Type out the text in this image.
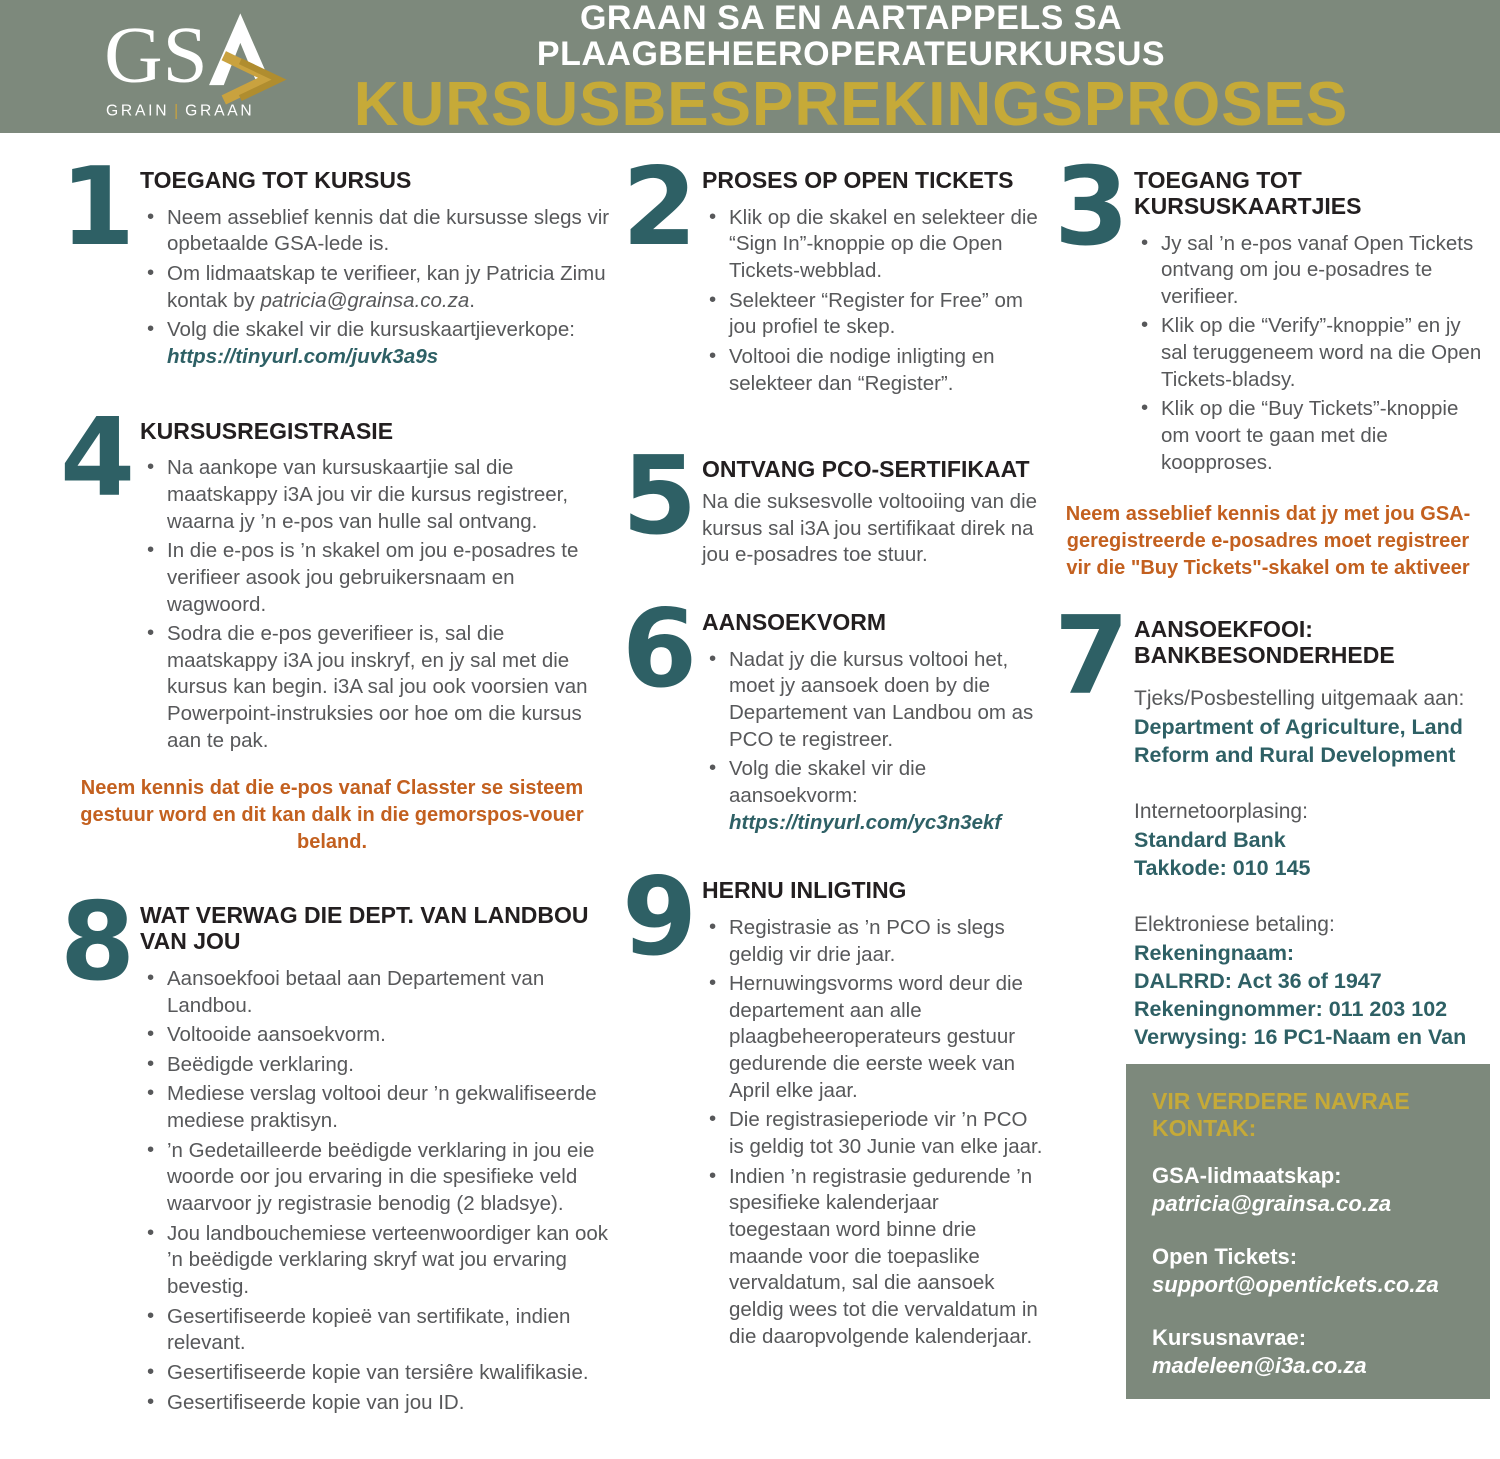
GS
GRAIN | GRAAN
GRAAN SA EN AARTAPPELS SA PLAAGBEHEEROPERATEURKURSUS
KURSUSBESPREKINGSPROSES
1 TOEGANG TOT KURSUS
• Neem asseblief kennis dat die kursusse slegs vir opbetaalde GSA-lede is.
• Om lidmaatskap te verifieer, kan jy Patricia Zimu kontak by patricia@grainsa.co.za.
• Volg die skakel vir die kursuskaartjieverkope:
https://tinyurl.com/juvk3a9s
4 KURSUSREGISTRASIE
• Na aankope van kursuskaartjie sal die maatskappy i3A jou vir die kursus registreer, waarna jy ’n e-pos van hulle sal ontvang.
• In die e-pos is ’n skakel om jou e-posadres te verifieer asook jou gebruikersnaam en wagwoord.
• Sodra die e-pos geverifieer is, sal die maatskappy i3A jou inskryf, en jy sal met die kursus kan begin. i3A sal jou ook voorsien van Powerpoint-instruksies oor hoe om die kursus aan te pak.
Neem kennis dat die e-pos vanaf Classter se sisteem gestuur word en dit kan dalk in die gemorspos-vouer beland.
8 WAT VERWAG DIE DEPT. VAN LANDBOU VAN JOU
• Aansoekfooi betaal aan Departement van Landbou.
• Voltooide aansoekvorm.
• Beëdigde verklaring.
• Mediese verslag voltooi deur ’n gekwalifiseerde mediese praktisyn.
• ’n Gedetailleerde beëdigde verklaring in jou eie woorde oor jou ervaring in die spesifieke veld waarvoor jy registrasie benodig (2 bladsye).
• Jou landbouchemiese verteenwoordiger kan ook ’n beëdigde verklaring skryf wat jou ervaring bevestig.
• Gesertifiseerde kopieë van sertifikate, indien relevant.
• Gesertifiseerde kopie van tersiêre kwalifikasie.
• Gesertifiseerde kopie van jou ID.
2 PROSES OP OPEN TICKETS
• Klik op die skakel en selekteer die “Sign In”-knoppie op die Open Tickets-webblad.
• Selekteer “Register for Free” om jou profiel te skep.
• Voltooi die nodige inligting en selekteer dan “Register”.
5 ONTVANG PCO-SERTIFIKAAT
Na die suksesvolle voltooiing van die kursus sal i3A jou sertifikaat direk na jou e-posadres toe stuur.
6 AANSOEKVORM
• Nadat jy die kursus voltooi het, moet jy aansoek doen by die Departement van Landbou om as PCO te registreer.
• Volg die skakel vir die aansoekvorm:
https://tinyurl.com/yc3n3ekf
9 HERNU INLIGTING
• Registrasie as ’n PCO is slegs geldig vir drie jaar.
• Hernuwingsvorms word deur die departement aan alle plaagbeheeroperateurs gestuur gedurende die eerste week van April elke jaar.
• Die registrasieperiode vir ’n PCO is geldig tot 30 Junie van elke jaar.
• Indien ’n registrasie gedurende ’n spesifieke kalenderjaar toegestaan word binne drie maande voor die toepaslike vervaldatum, sal die aansoek geldig wees tot die vervaldatum in die daaropvolgende kalenderjaar.
3 TOEGANG TOT KURSUSKAARTJIES
• Jy sal ’n e-pos vanaf Open Tickets ontvang om jou e-posadres te verifieer.
• Klik op die “Verify”-knoppie” en jy sal teruggeneem word na die Open Tickets-bladsy.
• Klik op die “Buy Tickets”-knoppie om voort te gaan met die koopproses.
Neem asseblief kennis dat jy met jou GSA-geregistreerde e-posadres moet registreer vir die "Buy Tickets"-skakel om te aktiveer
7 AANSOEKFOOI:
BANKBESONDERHEDE
Tjeks/Posbestelling uitgemaak aan:
Department of Agriculture, Land Reform and Rural Development
Internetoorplasing:
Standard Bank
Takkode: 010 145
Elektroniese betaling:
Rekeningnaam:
DALRRD: Act 36 of 1947
Rekeningnommer: 011 203 102
Verwysing: 16 PC1-Naam en Van
VIR VERDERE NAVRAE KONTAK:
GSA-lidmaatskap:
patricia@grainsa.co.za
Open Tickets:
support@opentickets.co.za
Kursusnavrae:
madeleen@i3a.co.za
